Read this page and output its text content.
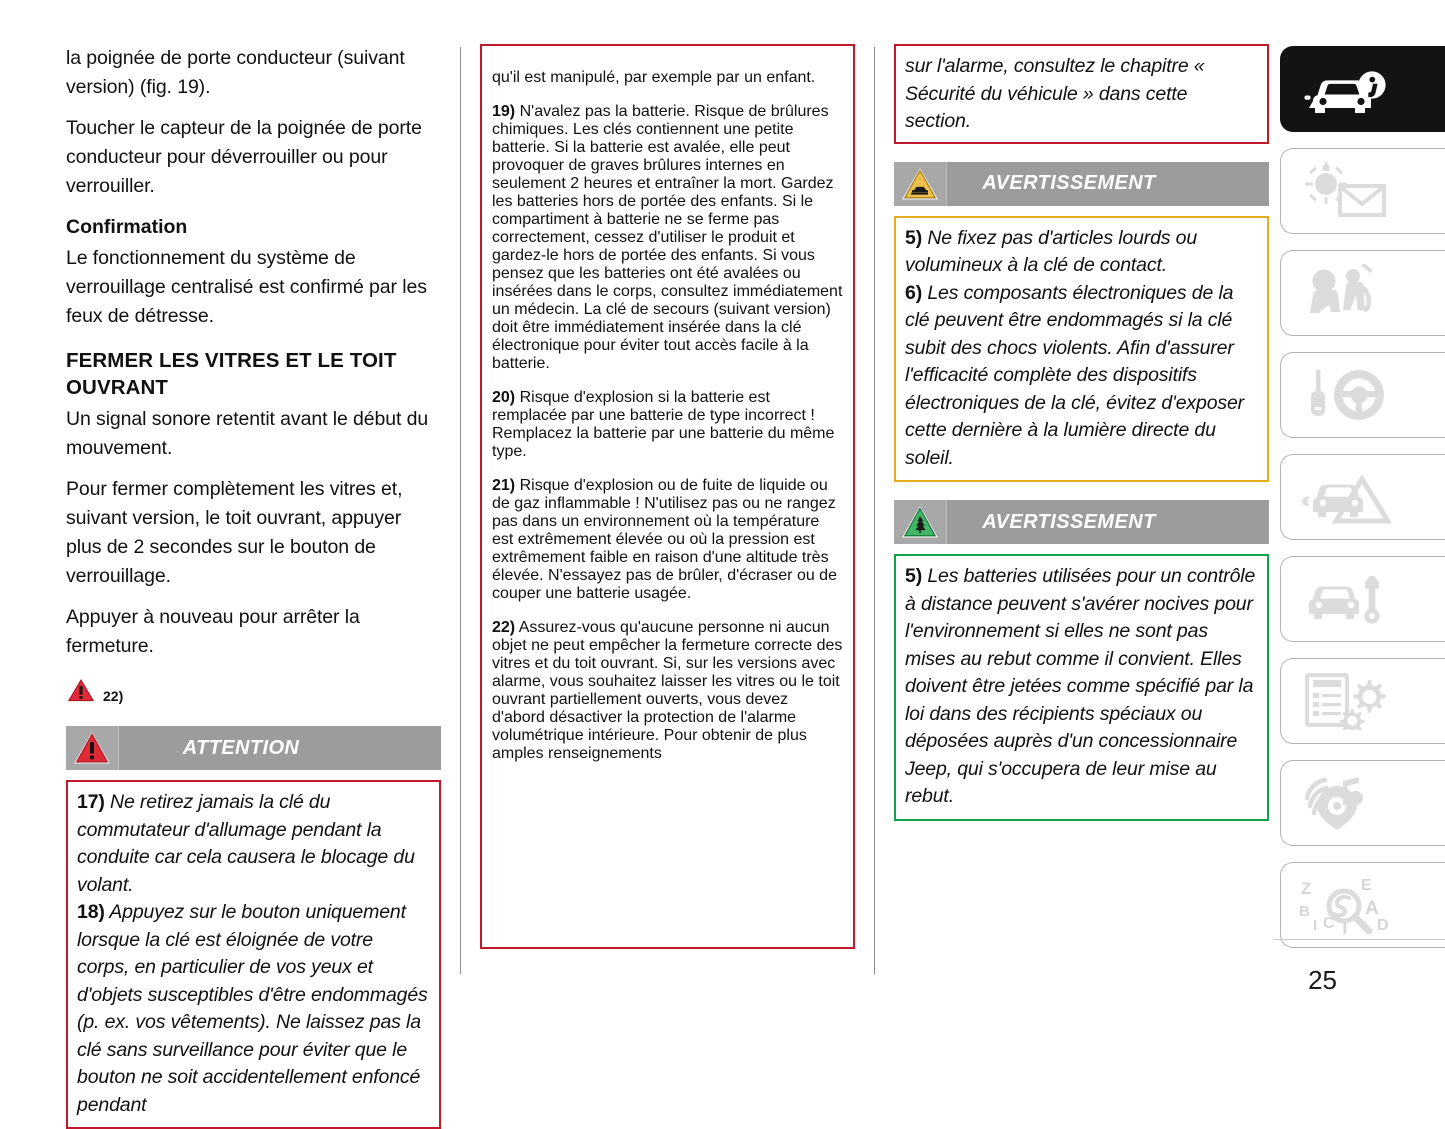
la poignée de porte conducteur (suivant version) (fig. 19).

Toucher le capteur de la poignée de porte conducteur pour déverrouiller ou pour verrouiller.

Confirmation

Le fonctionnement du système de verrouillage centralisé est confirmé par les feux de détresse.

FERMER LES VITRES ET LE TOIT OUVRANT

Un signal sonore retentit avant le début du mouvement.

Pour fermer complètement les vitres et, suivant version, le toit ouvrant, appuyer plus de 2 secondes sur le bouton de verrouillage.

Appuyer à nouveau pour arrêter la fermeture.

22)
ATTENTION

17) Ne retirez jamais la clé du commutateur d'allumage pendant la conduite car cela causera le blocage du volant.

18) Appuyez sur le bouton uniquement lorsque la clé est éloignée de votre corps, en particulier de vos yeux et d'objets susceptibles d'être endommagés (p. ex. vos vêtements). Ne laissez pas la clé sans surveillance pour éviter que le bouton ne soit accidentellement enfoncé pendant

qu'il est manipulé, par exemple par un enfant.

19) N'avalez pas la batterie. Risque de brûlures chimiques. Les clés contiennent une petite batterie. Si la batterie est avalée, elle peut provoquer de graves brûlures internes en seulement 2 heures et entraîner la mort. Gardez les batteries hors de portée des enfants. Si le compartiment à batterie ne se ferme pas correctement, cessez d'utiliser le produit et gardez-le hors de portée des enfants. Si vous pensez que les batteries ont été avalées ou insérées dans le corps, consultez immédiatement un médecin. La clé de secours (suivant version) doit être immédiatement insérée dans la clé électronique pour éviter tout accès facile à la batterie.

20) Risque d'explosion si la batterie est remplacée par une batterie de type incorrect ! Remplacez la batterie par une batterie du même type.

21) Risque d'explosion ou de fuite de liquide ou de gaz inflammable ! N'utilisez pas ou ne rangez pas dans un environnement où la température est extrêmement élevée ou où la pression est extrêmement faible en raison d'une altitude très élevée. N'essayez pas de brûler, d'écraser ou de couper une batterie usagée.

22) Assurez-vous qu'aucune personne ni aucun objet ne peut empêcher la fermeture correcte des vitres et du toit ouvrant. Si, sur les versions avec alarme, vous souhaitez laisser les vitres ou le toit ouvrant partiellement ouverts, vous devez d'abord désactiver la protection de l'alarme volumétrique intérieure. Pour obtenir de plus amples renseignements

sur l'alarme, consultez le chapitre « Sécurité du véhicule » dans cette section.

AVERTISSEMENT

5) Ne fixez pas d'articles lourds ou volumineux à la clé de contact.

6) Les composants électroniques de la clé peuvent être endommagés si la clé subit des chocs violents. Afin d'assurer l'efficacité complète des dispositifs électroniques de la clé, évitez d'exposer cette dernière à la lumière directe du soleil.

AVERTISSEMENT

5) Les batteries utilisées pour un contrôle à distance peuvent s'avérer nocives pour l'environnement si elles ne sont pas mises au rebut comme il convient. Elles doivent être jetées comme spécifié par la loi dans des récipients spéciaux ou déposées auprès d'un concessionnaire Jeep, qui s'occupera de leur mise au rebut.

Z
B
I C T
E
A
D
25
